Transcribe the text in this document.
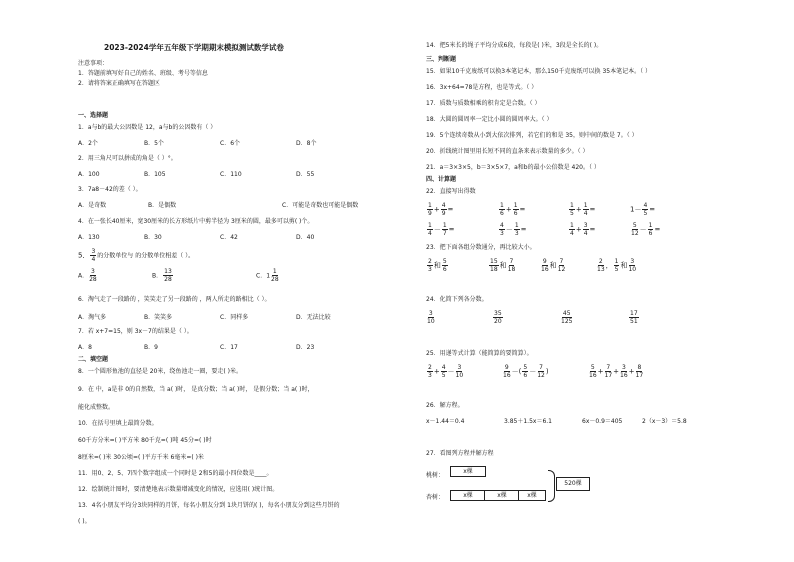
2023-2024学年五年级下学期期末模拟测试数学试卷
注意事项：
1．答题前填写好自己的姓名、班级、考号等信息
2．请将答案正确填写在答题区
一、选择题
1．a与b的最大公因数是 12，a与b的公因数有（ ）
A．2个	B．5个	C．6个	D．8个
2．用三角尺可以拼成的角是（ ）°。
A．100	B．105	C．110	D．55
3．7a8－42的差（ ）。
A．是奇数	B．是偶数	C．可能是奇数也可能是偶数
4．在一张长40厘米，宽30厘米的长方形纸片中剪半径为 3厘米的圆，最多可以剪( )个。
A．130	B．30	C．42	D．40
5． $\frac{3}{4}$ 的分数单位与 的分数单位相差（ ）。
A． $\frac{3}{28}$	B． $\frac{13}{28}$	C．$1 \frac{1}{28}$
6．淘气走了一段路的 ，笑笑走了另一段路的 ，两人所走的路相比（ ）。
A．淘气多	B．笑笑多	C．同样多	D．无法比较
7．若 x+7=15，则 3x－7的结果是（ ）。
A．8	B．9	C．17	D．23
二、填空题
8．一个圆形鱼池的直径是 20米，绕鱼池走一圈，要走( )米。
9．在 中，a是非 0的自然数，当 a( )时， 是真分数；当 a( )时， 是假分数；当 a( )时，
能化成整数。
10．在括号里填上最简分数。
60千方分米=( )平方米 80千克=( )吨 45分=( )时
8厘米=( )米 30公顷=( )平方千米 6毫米=( )米
11．用0、2、5、7四个数字组成一个同时是 2和5的最小四位数是____。
12．绘制统计图时，要清楚地表示数量增减变化的情况，应选用( )统计图。
13．4名小朋友平均分3块同样的月饼，每名小朋友分到 1块月饼的( )，每名小朋友分到这些月饼的
( )。
14．把5米长的绳子平均分成6段，每段是( )米，3段是全长的( )。
三、判断题
15．如果10千克废纸可以换3本笔记本，那么150千克废纸可以换 35本笔记本。（ ）
16．3x+64=78是方程，也是等式。（ ）
17．质数与质数相乘的积肯定是合数。（ ）
18．大圆的圆周率一定比小圆的圆周率大。（ ）
19．5个连续奇数从小到大依次排列，若它们的和是 35，则中间的数是 7。（ ）
20．折线统计图里用长短不同的直条来表示数量的多少。（ ）
21．a＝3×3×5，b＝3×5×7，a和b的最小公倍数是 420。（ ）
四、计算题
22．直接写出得数
$\frac{1}{9} + \frac{4}{9}$ =	$\frac{1}{6} + \frac{1}{6}$ =	$\frac{1}{5} + \frac{1}{4}$ =	$1- \frac{4}{5}$ =
$\frac{1}{4} - \frac{1}{7}$ =	$\frac{4}{3} - \frac{1}{3}$ =	$\frac{1}{4} + \frac{3}{4}$ =	$\frac{5}{12} - \frac{1}{6}$ =
23．把下面各组分数通分，再比较大小。
$\frac{2}{3}$ 和 $\frac{5}{6}$	$\frac{15}{18}$ 和 $\frac{7}{18}$	$\frac{9}{16}$ 和 $\frac{7}{12}$	$\frac{2}{13}$ ， $\frac{1}{5}$ 和 $\frac{3}{10}$
24．化简下列各分数。
$\frac{3}{10}$	$\frac{35}{20}$	$\frac{45}{125}$	$\frac{17}{51}$
25．用递等式计算（能简算的要简算）。
$\frac{2}{3} + \frac{4}{5} - \frac{3}{10}$	$\frac{9}{16}$ －( $\frac{5}{6} - \frac{7}{12}$ )	$\frac{5}{16} + \frac{7}{17} + \frac{3}{16} + \frac{8}{17}$
26．解方程。
x－1.44＝0.4	3.85＋1.5x＝6.1	6x－0.9＝405	2（x－3）＝5.8
27．看图列方程并解方程
桃树：
x棵
杏树：	x棵	x棵	x棵
520棵
